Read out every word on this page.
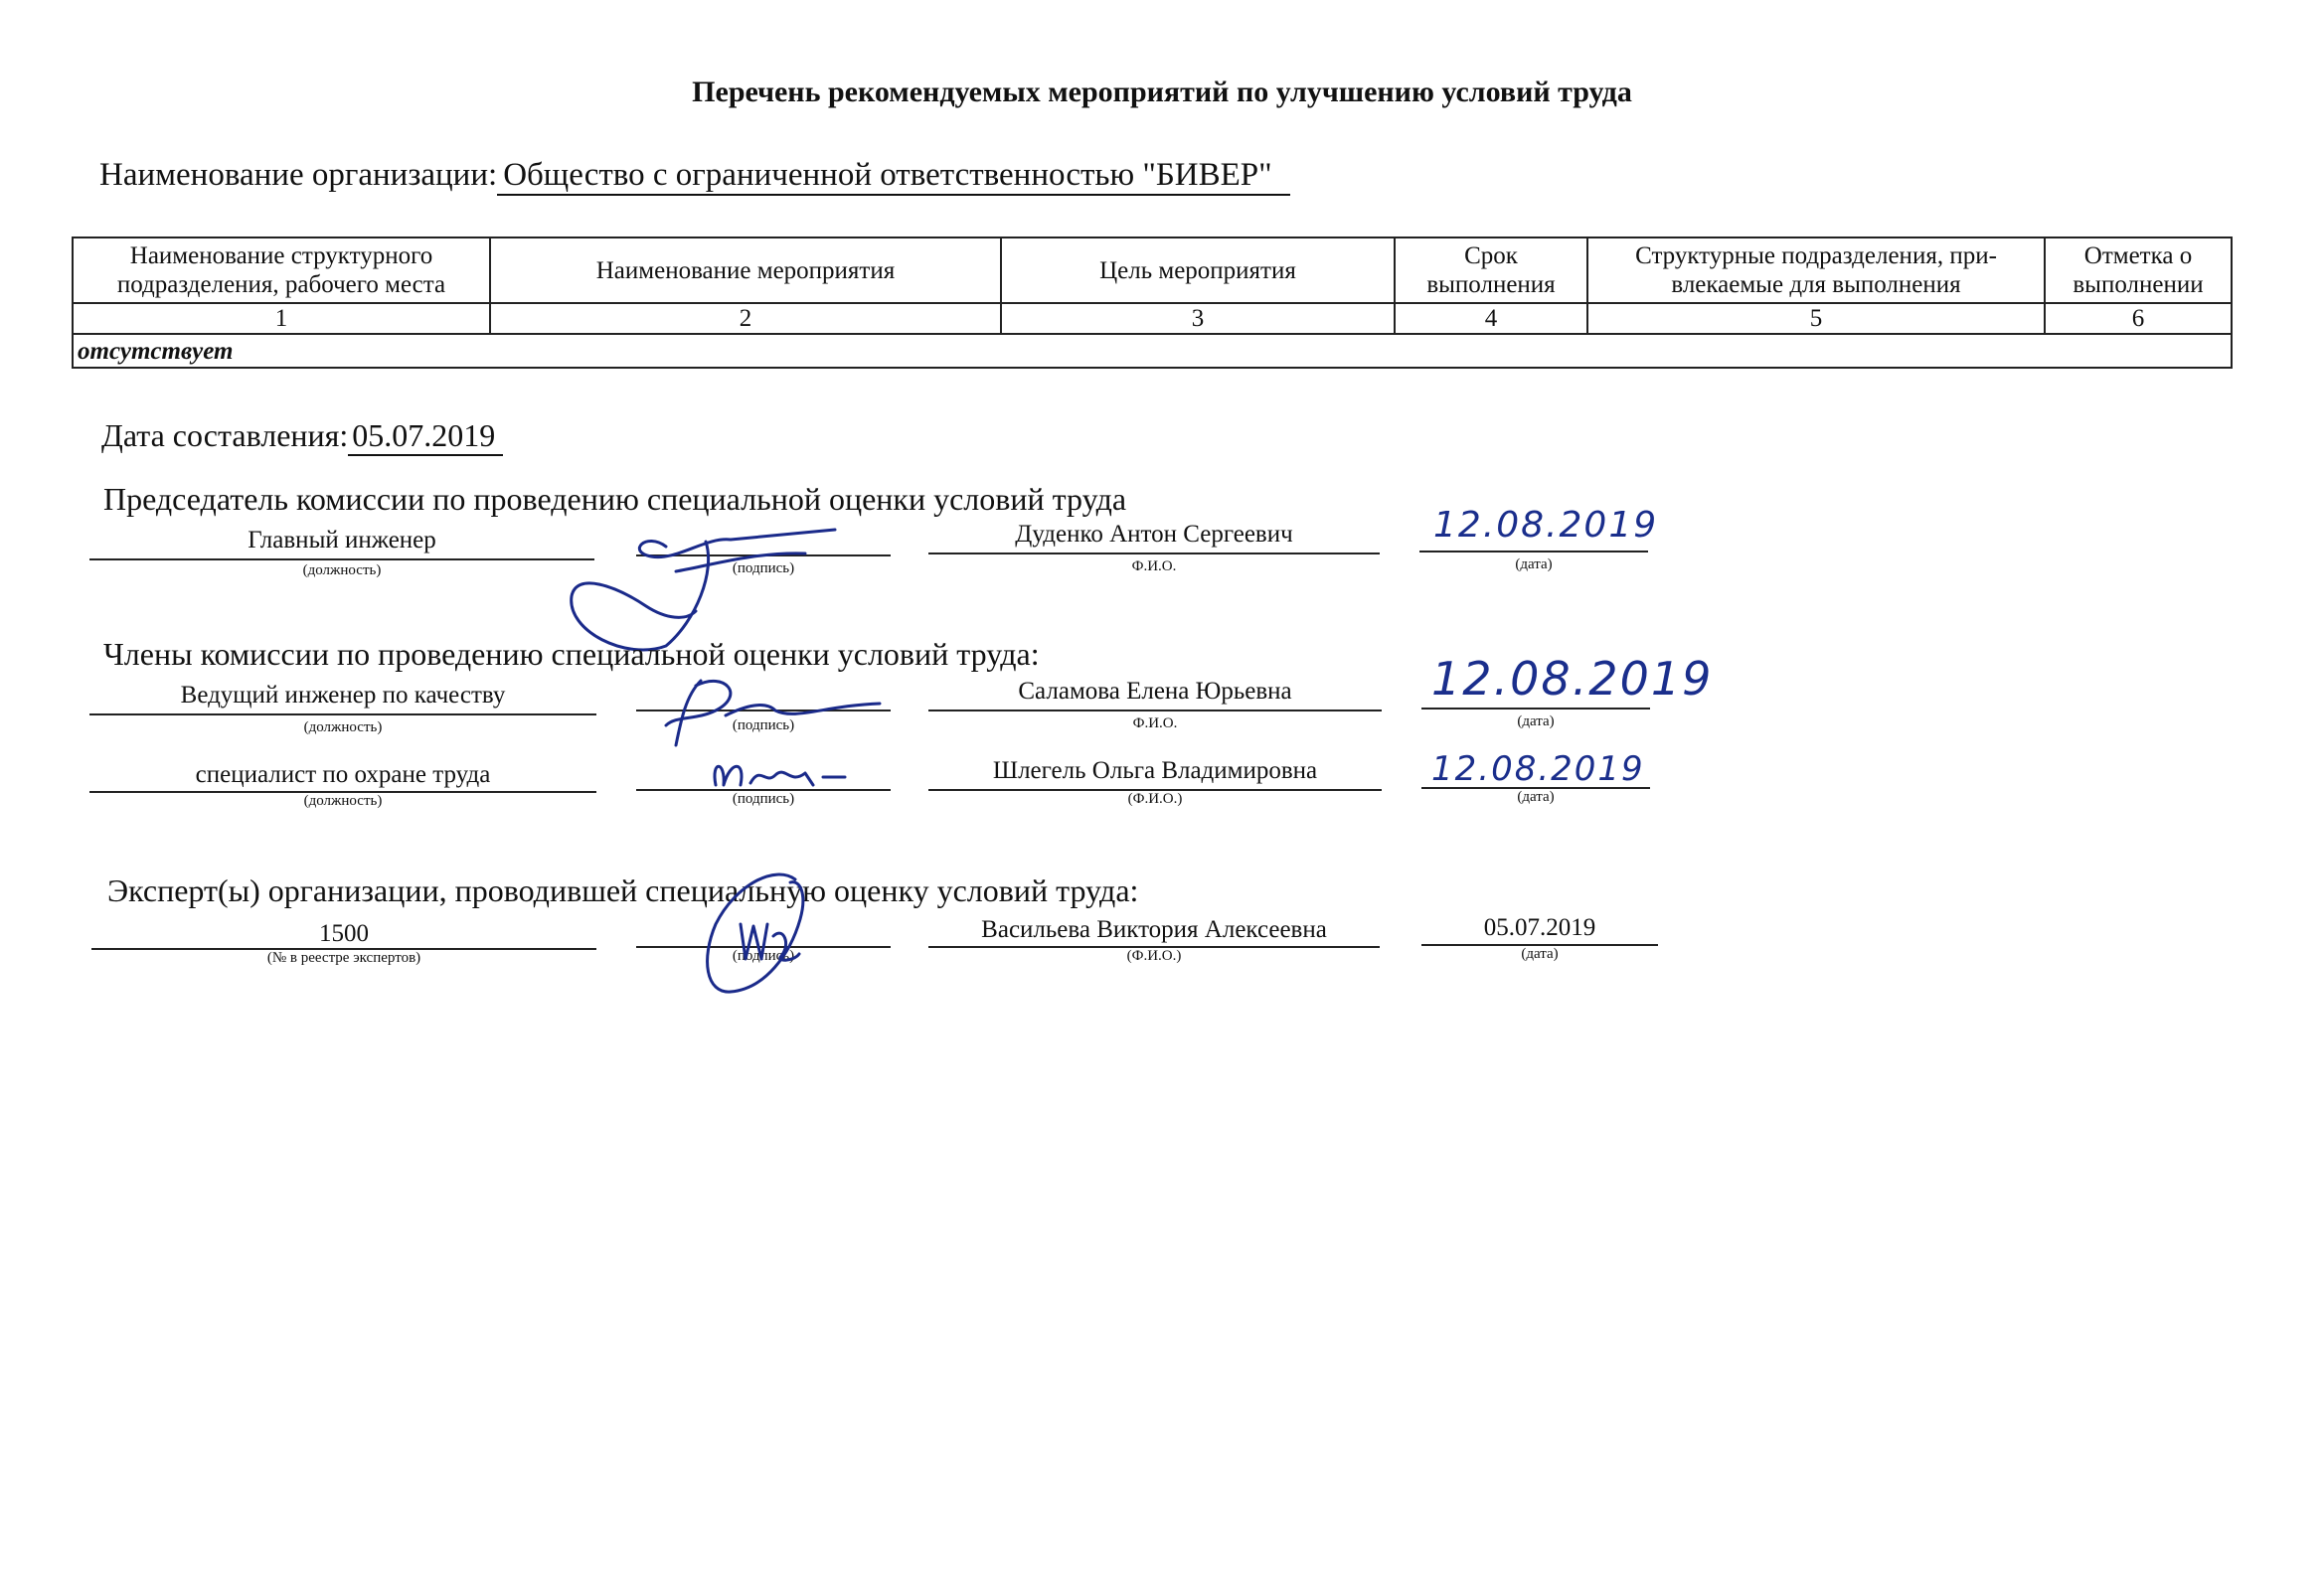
Перечень рекомендуемых мероприятий по улучшению условий труда
Наименование организации: Общество с ограниченной ответственностью "БИВЕР"
Наименование структурного подразделения, рабочего места	Наименование мероприятия	Цель мероприятия	Срок выполнения	Структурные подразделения, при-влекаемые для выполнения	Отметка о выполнении
1	2	3	4	5	6
отсутствует					
Дата составления: 05.07.2019
Председатель комиссии по проведению специальной оценки условий труда
Главный инженер
(должность)	(подпись)
Дуденко Антон Сергеевич
Ф.И.О.
12.08.2019
(дата)
Члены комиссии по проведению специальной оценки условий труда:
Ведущий инженер по качеству
(должность)	(подпись)
Саламова Елена Юрьевна
Ф.И.О.
12.08.2019
(дата)
специалист по охране труда
(должность)	(подпись)
Шлегель Ольга Владимировна
(Ф.И.О.)
12.08.2019
(дата)
Эксперт(ы) организации, проводившей специальную оценку условий труда:
1500
(№ в реестре экспертов)	(подпись)
Васильева Виктория Алексеевна
(Ф.И.О.)
05.07.2019
(дата)
